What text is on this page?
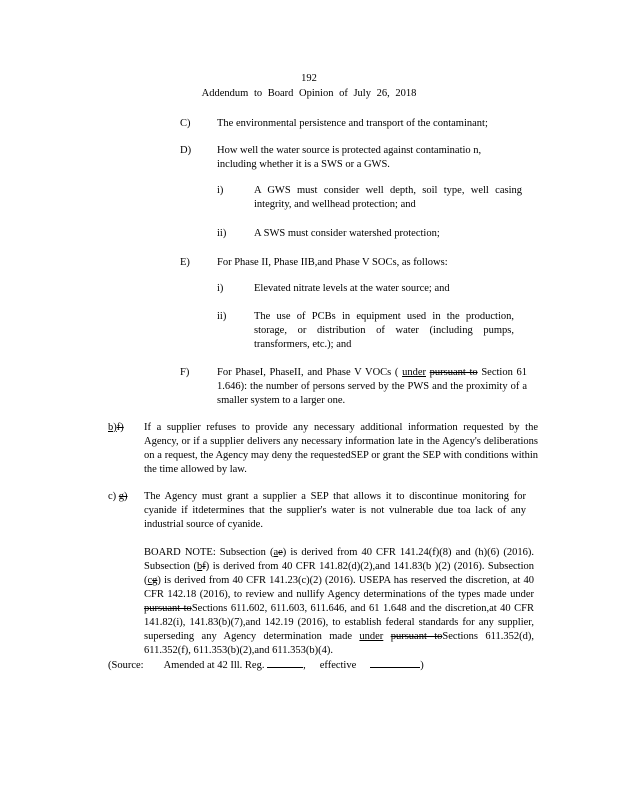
192
Addendum to Board Opinion of July 26, 2018
C)	The environmental persistence and transport of the contaminant;
D) How well the water source is protected against contaminatio n,
including whether it is a SWS or a GWS.
i)	A GWS must consider well depth, soil type, well casing integrity, and wellhead protection; and
ii)	A SWS must consider watershed protection;
E)	For Phase II, Phase IIB,and Phase V SOCs, as follows:
i)	Elevated nitrate levels at the water source; and
ii)	The use of PCBs in equipment used in the production, storage, or distribution of water (including pumps, transformers, etc.); and
F)	For PhaseI, PhaseII, and Phase V VOCs ( under pursuant to Section 61 1.646): the number of persons served by the PWS and the proximity of a smaller system to a larger one.
b)f) If a supplier refuses to provide any necessary additional information requested by the Agency, or if a supplier delivers any necessary information late in the Agency's deliberations on a request, the Agency may deny the requestedSEP or grant the SEP with conditions within the time allowed by law.
c) g) The Agency must grant a supplier a SEP that allows it to discontinue monitoring for cyanide if itdetermines that the supplier's water is not vulnerable due toa lack of any industrial source of cyanide.
BOARD NOTE: Subsection (ae) is derived from 40 CFR 141.24(f)(8) and (h)(6) (2016). Subsection (bf) is derived from 40 CFR 141.82(d)(2),and 141.83(b )(2) (2016). Subsection (cg) is derived from 40 CFR 141.23(c)(2) (2016). USEPA has reserved the discretion, at 40 CFR 142.18 (2016), to review and nullify Agency determinations of the types made under pursuant toSections 611.602, 611.603, 611.646, and 61 1.648 and the discretion,at 40 CFR 141.82(i), 141.83(b)(7),and 142.19 (2016), to establish federal standards for any supplier, superseding any Agency determination made under pursuant toSections 611.352(d), 611.352(f), 611.353(b)(2),and 611.353(b)(4).
(Source: Amended at 42 Ill. Reg.	, effective	)
